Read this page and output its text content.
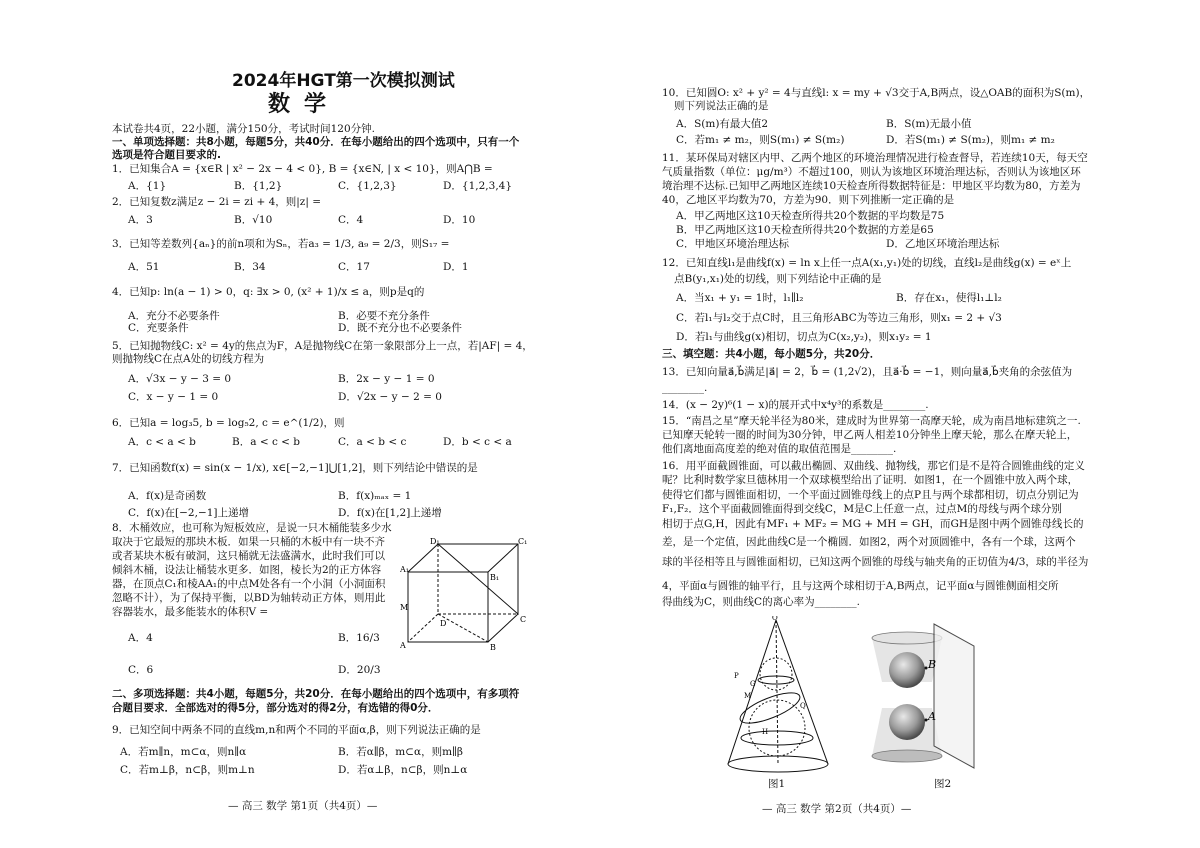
2024年HGT第一次模拟测试
数学
本试卷共4页，22小题，满分150分，考试时间120分钟.
一、单项选择题：共8小题，每题5分，共40分．在每小题给出的四个选项中，只有一个
选项是符合题目要求的.
1．已知集合A = {x∈R | x² − 2x − 4 < 0}, B = {x∈N, | x < 10}，则A⋂B =
A．{1}	B．{1,2}	C．{1,2,3}	D．{1,2,3,4}
2．已知复数z满足z − 2i = zi + 4，则|z| =
A．3	B．√10	C．4	D．10
3．已知等差数列{aₙ}的前n项和为Sₙ，若a₃ = 1/3, a₉ = 2/3，则S₁₇ =
A．51	B．34	C．17	D．1
4．已知p: ln(a − 1) > 0，q: ∃x > 0, (x² + 1)/x ≤ a，则p是q的
A．充分不必要条件	B．必要不充分条件
C．充要条件	D．既不充分也不必要条件
5．已知抛物线C: x² = 4y的焦点为F，A是抛物线C在第一象限部分上一点，若|AF| = 4，
则抛物线C在点A处的切线方程为
A．√3x − y − 3 = 0	B．2x − y − 1 = 0
C．x − y − 1 = 0	D．√2x − y − 2 = 0
6．已知a = log₃5, b = log₅2, c = e^(1/2)，则
A．c < a < b	B．a < c < b	C．a < b < c	D．b < c < a
7．已知函数f(x) = sin(x − 1/x), x∈[−2,−1]⋃[1,2]，则下列结论中错误的是
A．f(x)是奇函数	B．f(x)ₘₐₓ = 1
C．f(x)在[−2,−1]上递增	D．f(x)在[1,2]上递增
8．木桶效应，也可称为短板效应，是说一只木桶能装多少水
取决于它最短的那块木板．如果一只桶的木板中有一块不齐
或者某块木板有破洞，这只桶就无法盛满水，此时我们可以
倾斜木桶，设法让桶装水更多．如图，棱长为2的正方体容
器，在顶点C₁和棱AA₁的中点M处各有一个小洞（小洞面积
忽略不计），为了保持平衡，以BD为轴转动正方体，则用此
容器装水，最多能装水的体积V =
A．4	B．16/3
C．6	D．20/3
D₁	C₁
A₁
B₁
M
D	C
A	B
二、多项选择题：共4小题，每题5分，共20分．在每小题给出的四个选项中，有多项符
合题目要求．全部选对的得5分，部分选对的得2分，有选错的得0分．
9．已知空间中两条不同的直线m,n和两个不同的平面α,β，则下列说法正确的是
A．若m∥n，m⊂α，则n∥α	B．若α∥β，m⊂α，则m∥β
C．若m⊥β，n⊂β，则m⊥n	D．若α⊥β，n⊂β，则n⊥α
— 高三 数学 第1页（共4页）—
10．已知圆O: x² + y² = 4与直线l: x = my + √3交于A,B两点，设△OAB的面积为S(m)，
则下列说法正确的是
A．S(m)有最大值2	B．S(m)无最小值
C．若m₁ ≠ m₂，则S(m₁) ≠ S(m₂)	D．若S(m₁) ≠ S(m₂)，则m₁ ≠ m₂
11．某环保局对辖区内甲、乙两个地区的环境治理情况进行检查督导，若连续10天，每天空
气质量指数（单位：μg/m³）不超过100，则认为该地区环境治理达标，否则认为该地区环
境治理不达标.已知甲乙两地区连续10天检查所得数据特征是：甲地区平均数为80，方差为
40，乙地区平均数为70，方差为90．则下列推断一定正确的是
A．甲乙两地区这10天检查所得共20个数据的平均数是75
B．甲乙两地区这10天检查所得共20个数据的方差是65
C．甲地区环境治理达标	D．乙地区环境治理达标
12．已知直线l₁是曲线f(x) = ln x上任一点A(x₁,y₁)处的切线，直线l₂是曲线g(x) = eˣ上
点B(y₁,x₁)处的切线，则下列结论中正确的是
A．当x₁ + y₁ = 1时，l₁∥l₂	B．存在x₁，使得l₁⊥l₂
C．若l₁与l₂交于点C时，且三角形ABC为等边三角形，则x₁ = 2 + √3
D．若l₁与曲线g(x)相切，切点为C(x₂,y₂)，则x₁y₂ = 1
三、填空题：共4小题，每小题5分，共20分．
13．已知向量a⃗,b⃗满足|a⃗| = 2，b⃗ = (1,2√2)，且a⃗·b⃗ = −1，则向量a⃗,b⃗夹角的余弦值为
________.
14．(x − 2y)⁶(1 − x)的展开式中x⁴y³的系数是________.
15．“南昌之星”摩天轮半径为80米，建成时为世界第一高摩天轮，成为南昌地标建筑之一.
已知摩天轮转一圈的时间为30分钟，甲乙两人相差10分钟坐上摩天轮，那么在摩天轮上，
他们离地面高度差的绝对值的取值范围是________.
16．用平面截圆锥面，可以截出椭圆、双曲线、抛物线，那它们是不是符合圆锥曲线的定义
呢？比利时数学家旦德林用一个双球模型给出了证明．如图1，在一个圆锥中放入两个球，
使得它们都与圆锥面相切，一个平面过圆锥母线上的点P且与两个球都相切，切点分别记为
F₁,F₂．这个平面截圆锥面得到交线C，M是C上任意一点，过点M的母线与两个球分别
相切于点G,H，因此有MF₁ + MF₂ = MG + MH = GH，而GH是图中两个圆锥母线长的
差，是一个定值，因此曲线C是一个椭圆．如图2，两个对顶圆锥中，各有一个球，这两个
球的半径相等且与圆锥面相切，已知这两个圆锥的母线与轴夹角的正切值为4/3，球的半径为
4，平面α与圆锥的轴平行，且与这两个球相切于A,B两点，记平面α与圆锥侧面相交所
得曲线为C，则曲线C的离心率为________.
O
P
M
G
Q
H
B
A
图1	图2
— 高三 数学 第2页（共4页）—
